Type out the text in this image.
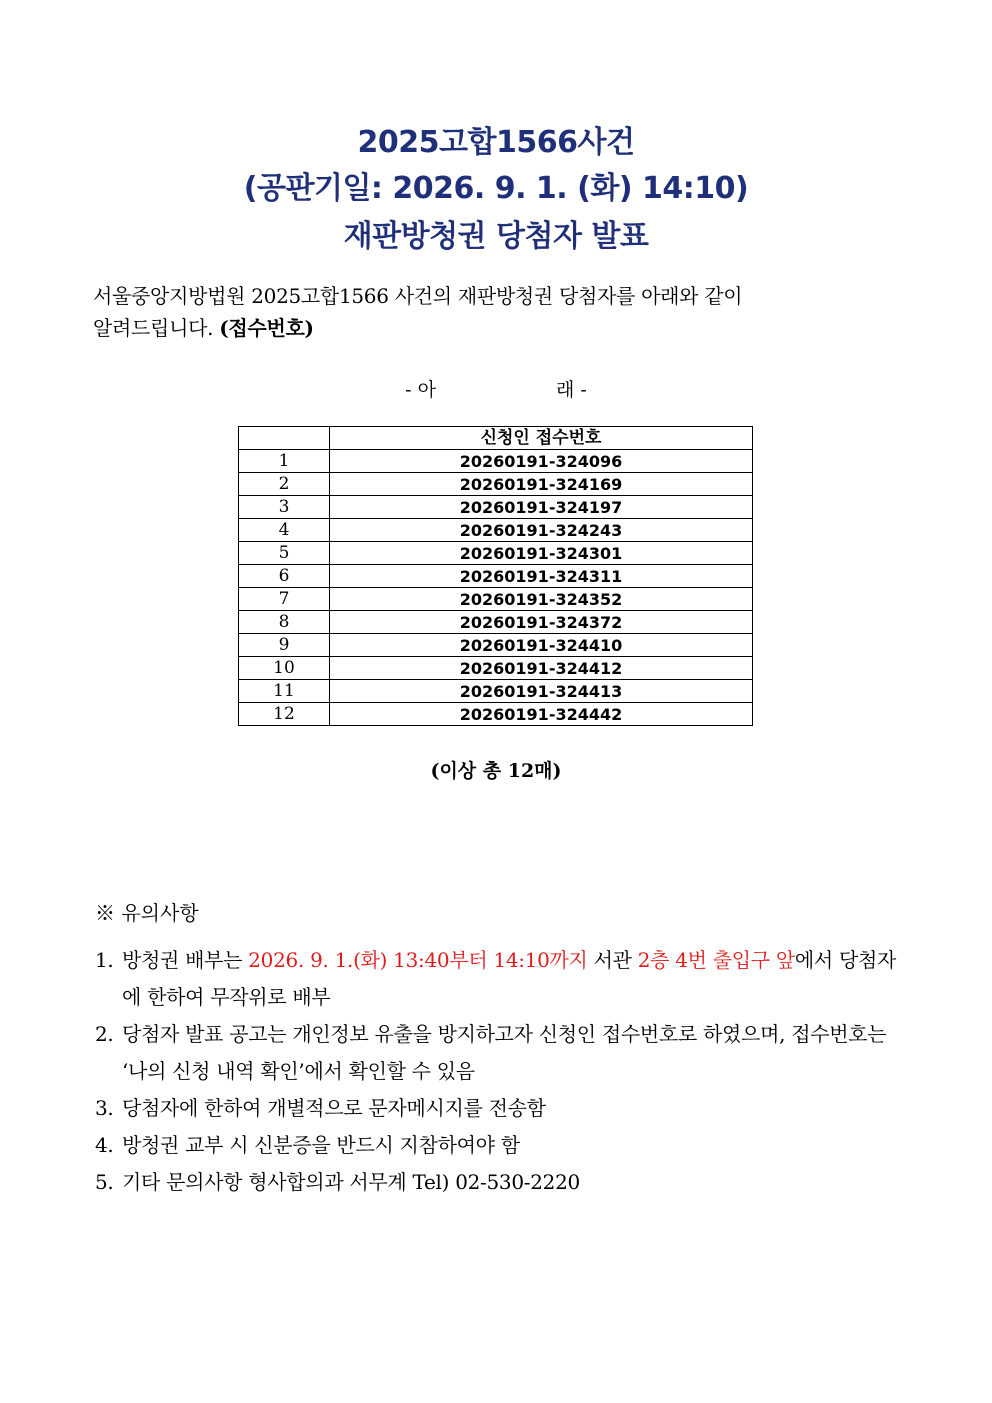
2025고합1566사건
(공판기일: 2026. 9. 1. (화) 14:10)
재판방청권 당첨자 발표
서울중앙지방법원 2025고합1566 사건의 재판방청권 당첨자를 아래와 같이
알려드립니다. (접수번호)
- 아	래 -
	신청인 접수번호
1	20260191-324096
2	20260191-324169
3	20260191-324197
4	20260191-324243
5	20260191-324301
6	20260191-324311
7	20260191-324352
8	20260191-324372
9	20260191-324410
10	20260191-324412
11	20260191-324413
12	20260191-324442
(이상 총 12매)
※ 유의사항
1. 방청권 배부는 2026. 9. 1.(화) 13:40부터 14:10까지 서관 2층 4번 출입구 앞에서 당첨자에 한하여 무작위로 배부
2. 당첨자 발표 공고는 개인정보 유출을 방지하고자 신청인 접수번호로 하였으며, 접수번호는 ‘나의 신청 내역 확인’에서 확인할 수 있음
3. 당첨자에 한하여 개별적으로 문자메시지를 전송함
4. 방청권 교부 시 신분증을 반드시 지참하여야 함
5. 기타 문의사항 형사합의과 서무계 Tel) 02-530-2220
